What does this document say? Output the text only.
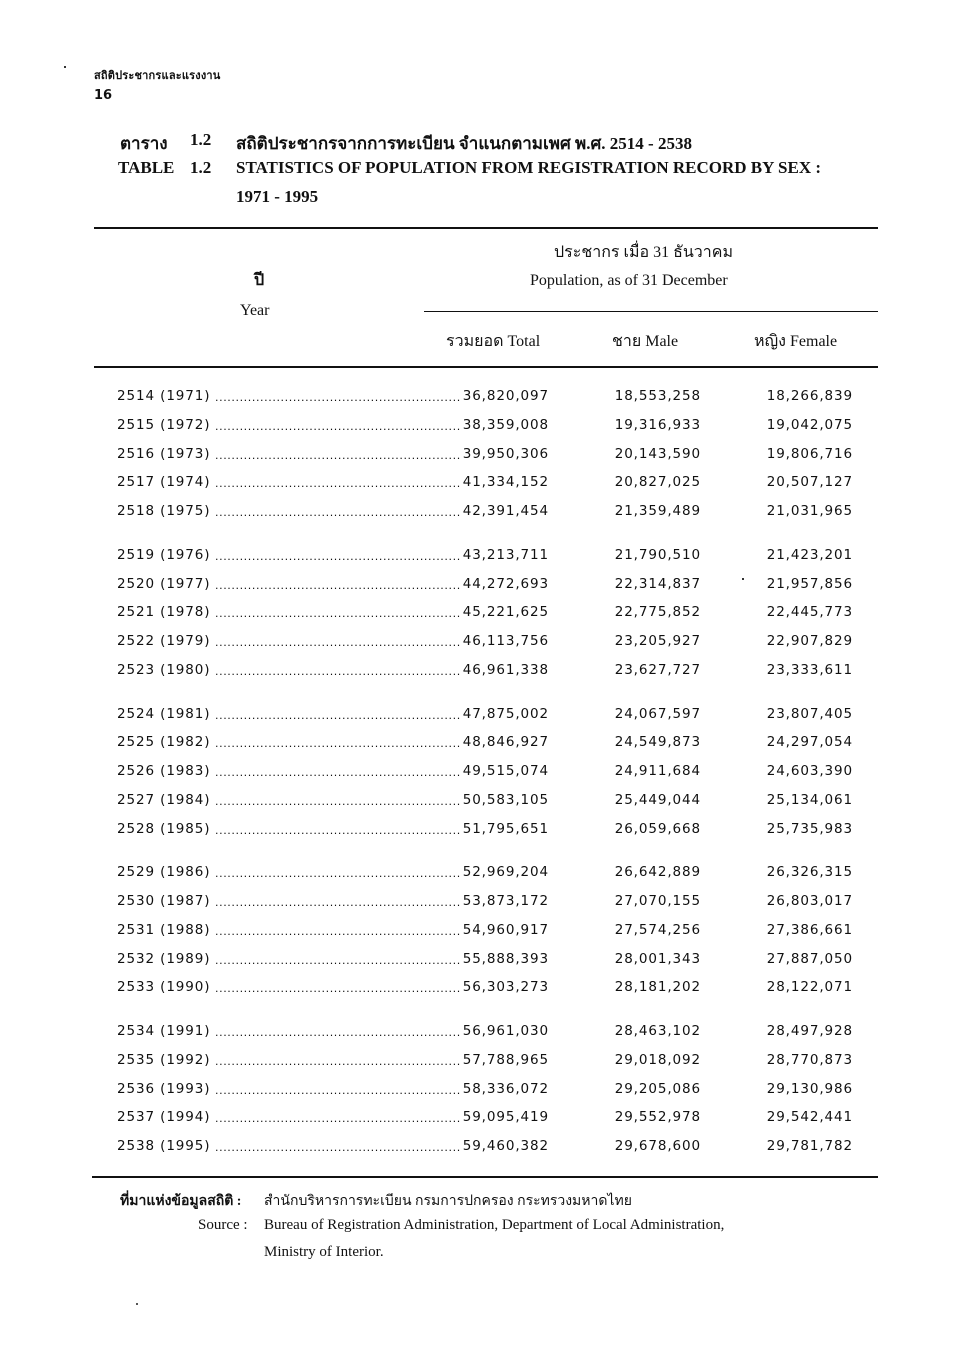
สถิติประชากรและแรงงาน
16
ตาราง 1.2 สถิติประชากรจากการทะเบียน จำแนกตามเพศ พ.ศ. 2514 - 2538
TABLE 1.2 STATISTICS OF POPULATION FROM REGISTRATION RECORD BY SEX :
1971 - 1995
ปี
Year
ประชากร เมื่อ 31 ธันวาคม
Population, as of 31 December
รวมยอด Total	ชาย Male	หญิง Female
2514 (1971) ............................................................ 36,820,097	18,553,258	18,266,839
2515 (1972) ............................................................ 38,359,008	19,316,933	19,042,075
2516 (1973) ............................................................ 39,950,306	20,143,590	19,806,716
2517 (1974) ............................................................ 41,334,152	20,827,025	20,507,127
2518 (1975) ............................................................ 42,391,454	21,359,489	21,031,965
2519 (1976) ............................................................ 43,213,711	21,790,510	21,423,201
2520 (1977) ............................................................ 44,272,693	22,314,837	21,957,856
2521 (1978) ............................................................ 45,221,625	22,775,852	22,445,773
2522 (1979) ............................................................ 46,113,756	23,205,927	22,907,829
2523 (1980) ............................................................ 46,961,338	23,627,727	23,333,611
2524 (1981) ............................................................ 47,875,002	24,067,597	23,807,405
2525 (1982) ............................................................ 48,846,927	24,549,873	24,297,054
2526 (1983) ............................................................ 49,515,074	24,911,684	24,603,390
2527 (1984) ............................................................ 50,583,105	25,449,044	25,134,061
2528 (1985) ............................................................ 51,795,651	26,059,668	25,735,983
2529 (1986) ............................................................ 52,969,204	26,642,889	26,326,315
2530 (1987) ............................................................ 53,873,172	27,070,155	26,803,017
2531 (1988) ............................................................ 54,960,917	27,574,256	27,386,661
2532 (1989) ............................................................ 55,888,393	28,001,343	27,887,050
2533 (1990) ............................................................ 56,303,273	28,181,202	28,122,071
2534 (1991) ............................................................ 56,961,030	28,463,102	28,497,928
2535 (1992) ............................................................ 57,788,965	29,018,092	28,770,873
2536 (1993) ............................................................ 58,336,072	29,205,086	29,130,986
2537 (1994) ............................................................ 59,095,419	29,552,978	29,542,441
2538 (1995) ............................................................ 59,460,382	29,678,600	29,781,782
ที่มาแห่งข้อมูลสถิติ : สำนักบริหารการทะเบียน กรมการปกครอง กระทรวงมหาดไทย
Source : Bureau of Registration Administration, Department of Local Administration,
Ministry of Interior.
